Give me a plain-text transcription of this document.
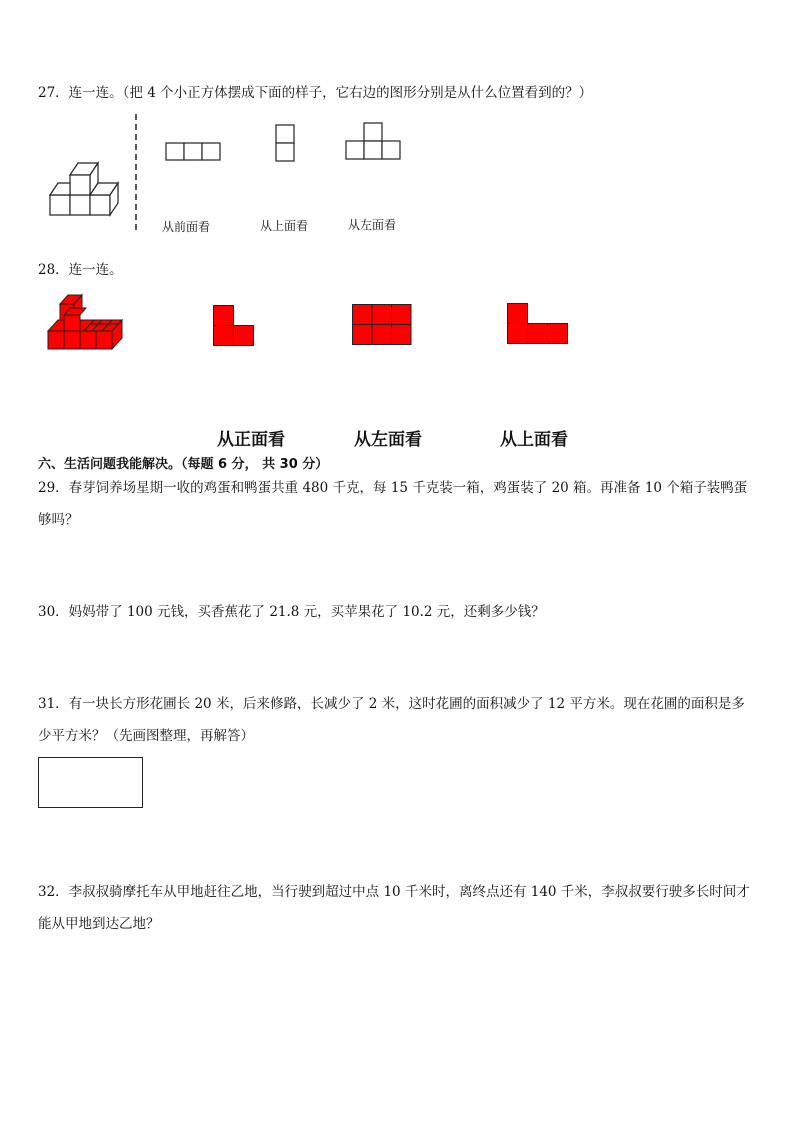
27．连一连。（把 4 个小正方体摆成下面的样子，它右边的图形分别是从什么位置看到的？）
从前面看	从上面看	从左面看
28．连一连。
从正面看	从左面看	从上面看
六、生活问题我能解决。（每题 6 分， 共 30 分）
29．春芽饲养场星期一收的鸡蛋和鸭蛋共重 480 千克，每 15 千克装一箱，鸡蛋装了 20 箱。再准备 10 个箱子装鸭蛋够吗？
30．妈妈带了 100 元钱，买香蕉花了 21.8 元，买苹果花了 10.2 元，还剩多少钱？
31．有一块长方形花圃长 20 米，后来修路，长减少了 2 米，这时花圃的面积减少了 12 平方米。现在花圃的面积是多少平方米？（先画图整理，再解答）
32．李叔叔骑摩托车从甲地赶往乙地，当行驶到超过中点 10 千米时，离终点还有 140 千米，李叔叔要行驶多长时间才能从甲地到达乙地？
